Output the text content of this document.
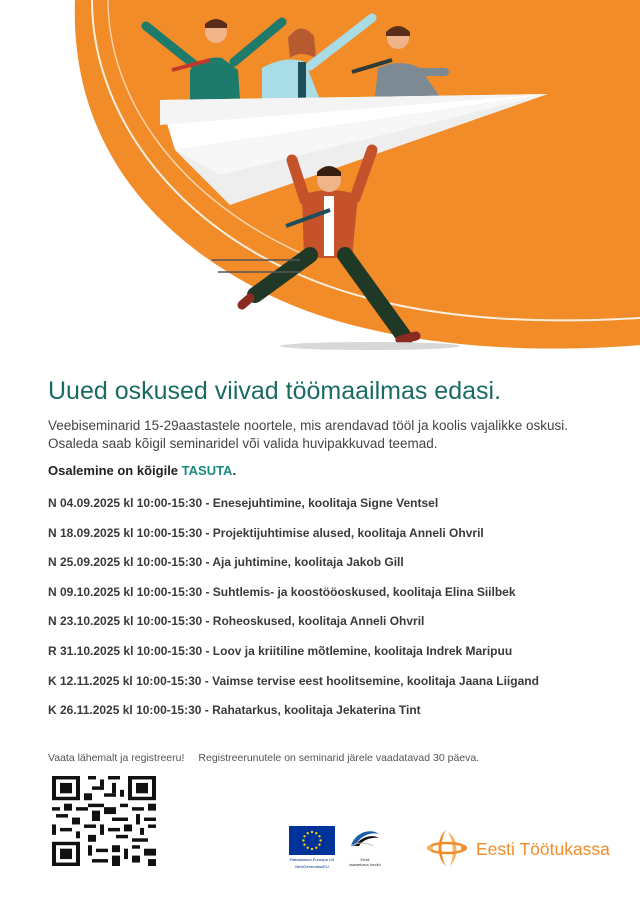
Uued oskused viivad töömaailmas edasi.
Veebiseminarid 15-29aastastele noortele, mis arendavad tööl ja koolis vajalikke oskusi.
Osaleda saab kõigil seminaridel või valida huvipakkuvad teemad.
Osalemine on kõigile TASUTA.
N 04.09.2025 kl 10:00-15:30 - Enesejuhtimine, koolitaja Signe Ventsel
N 18.09.2025 kl 10:00-15:30 - Projektijuhtimise alused, koolitaja Anneli Ohvril
N 25.09.2025 kl 10:00-15:30 - Aja juhtimine, koolitaja Jakob Gill
N 09.10.2025 kl 10:00-15:30 - Suhtlemis- ja koostööoskused, koolitaja Elina Siilbek
N 23.10.2025 kl 10:00-15:30 - Roheoskused, koolitaja Anneli Ohvril
R 31.10.2025 kl 10:00-15:30 - Loov ja kriitiline mõtlemine, koolitaja Indrek Maripuu
K 12.11.2025 kl 10:00-15:30 - Vaimse tervise eest hoolitsemine, koolitaja Jaana Liigand
K 26.11.2025 kl 10:00-15:30 - Rahatarkus, koolitaja Jekaterina Tint
Vaata lähemalt ja registreeru! Registreerunutele on seminarid järele vaadatavad 30 päeva.
Rahastanud Euroopa Liit
NextGenerationEU
Eesti
taastekava fondid
Eesti Töötukassa
